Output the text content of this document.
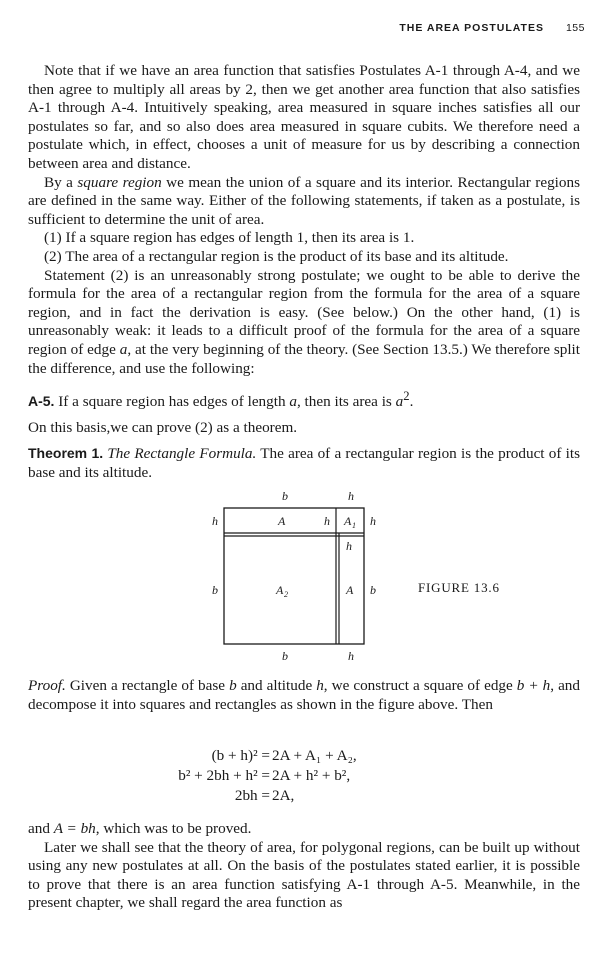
THE AREA POSTULATES 155

Note that if we have an area function that satisfies Postulates A-1 through A-4, and we then agree to multiply all areas by 2, then we get another area function that also satisfies A-1 through A-4. Intuitively speaking, area measured in square inches satisfies all our postulates so far, and so also does area measured in square cubits. We therefore need a postulate which, in effect, chooses a unit of measure for us by describing a connection between area and distance.

By a square region we mean the union of a square and its interior. Rectangular regions are defined in the same way. Either of the following statements, if taken as a postulate, is sufficient to determine the unit of area.

(1) If a square region has edges of length 1, then its area is 1.

(2) The area of a rectangular region is the product of its base and its altitude.

Statement (2) is an unreasonably strong postulate; we ought to be able to derive the formula for the area of a rectangular region from the formula for the area of a square region, and in fact the derivation is easy. (See below.) On the other hand, (1) is unreasonably weak: it leads to a difficult proof of the formula for the area of a square region of edge a, at the very beginning of the theory. (See Section 13.5.) We therefore split the difference, and use the following:

A-5. If a square region has edges of length a, then its area is $a^2$.
On this basis,we can prove (2) as a theorem.
Theorem 1. The Rectangle Formula. The area of a rectangular region is the product of its base and its altitude.
b	h
h
b
h
b
b	h
A	h A 1
h
A 2	A	FIGURE 13.6
Proof. Given a rectangle of base b and altitude h, we construct a square of edge b + h, and decompose it into squares and rectangles as shown in the figure above. Then
(b + h)² = 2A + A₁ + A₂,
b² + 2bh + h² = 2A + h² + b²,
2bh = 2A,

and A = bh, which was to be proved.

Later we shall see that the theory of area, for polygonal regions, can be built up without using any new postulates at all. On the basis of the postulates stated earlier, it is possible to prove that there is an area function satisfying A-1 through A-5. Meanwhile, in the present chapter, we shall regard the area function as
